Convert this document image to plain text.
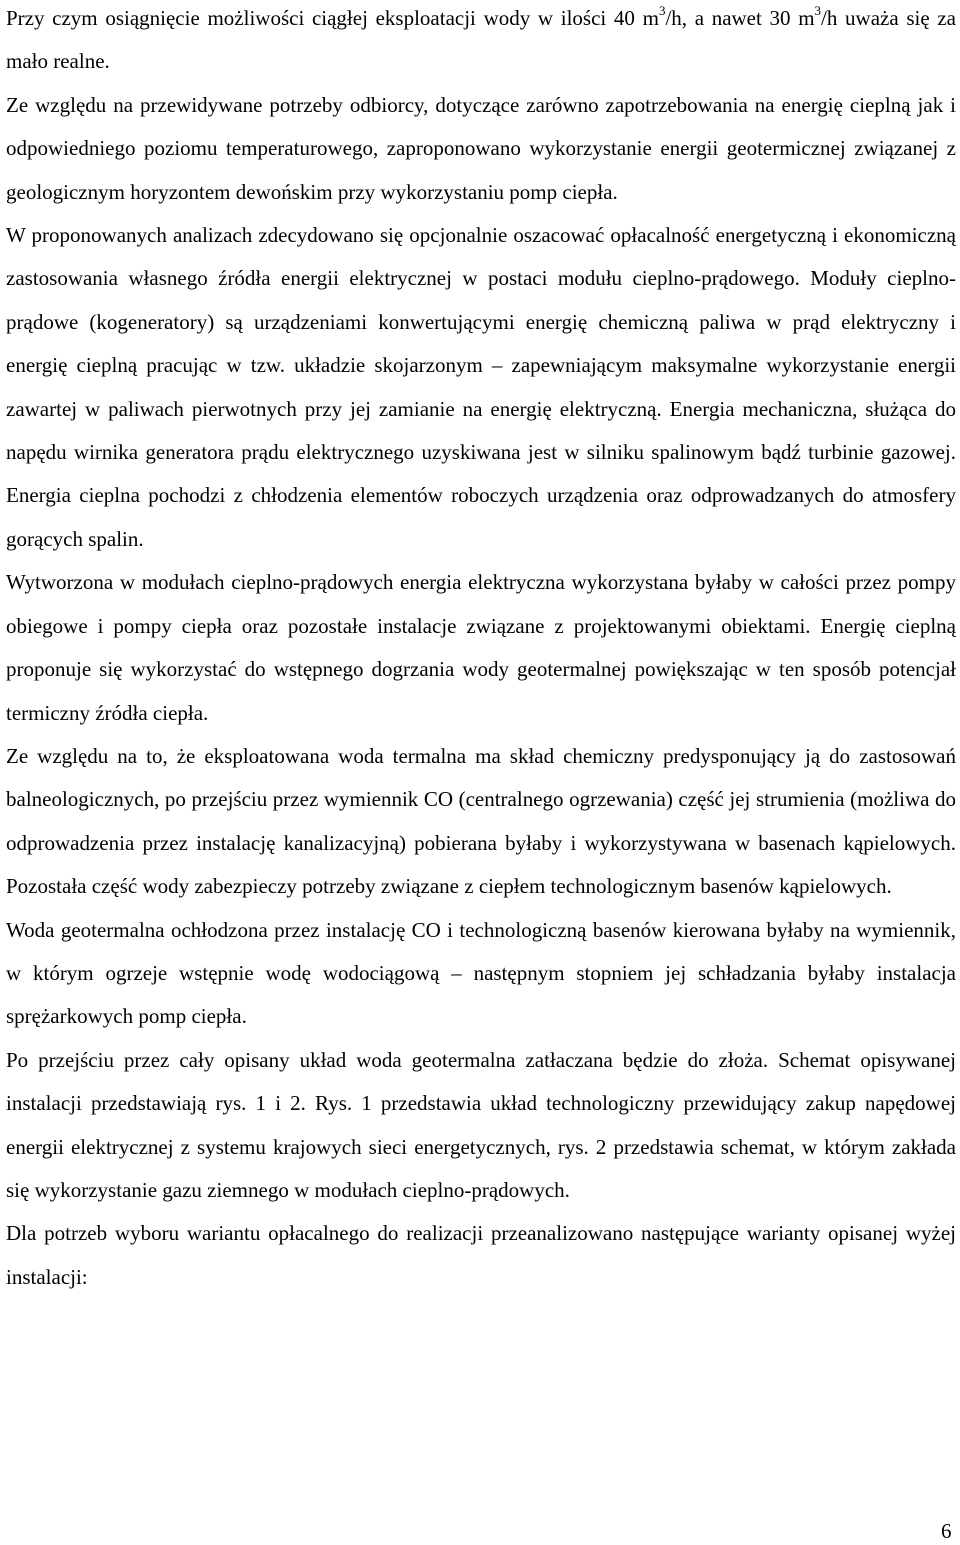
Przy czym osiągnięcie możliwości ciągłej eksploatacji wody w ilości 40 $m^3/h$, a nawet 30 $m^3/h$ uważa się za mało realne.

Ze względu na przewidywane potrzeby odbiorcy, dotyczące zarówno zapotrzebowania na energię cieplną jak i odpowiedniego poziomu temperaturowego, zaproponowano wykorzystanie energii geotermicznej związanej z geologicznym horyzontem dewońskim przy wykorzystaniu pomp ciepła.

W proponowanych analizach zdecydowano się opcjonalnie oszacować opłacalność energetyczną i ekonomiczną zastosowania własnego źródła energii elektrycznej w postaci modułu cieplno-prądowego. Moduły cieplno-prądowe (kogeneratory) są urządzeniami konwertującymi energię chemiczną paliwa w prąd elektryczny i energię cieplną pracując w tzw. układzie skojarzonym – zapewniającym maksymalne wykorzystanie energii zawartej w paliwach pierwotnych przy jej zamianie na energię elektryczną. Energia mechaniczna, służąca do napędu wirnika generatora prądu elektrycznego uzyskiwana jest w silniku spalinowym bądź turbinie gazowej. Energia cieplna pochodzi z chłodzenia elementów roboczych urządzenia oraz odprowadzanych do atmosfery gorących spalin.

Wytworzona w modułach cieplno-prądowych energia elektryczna wykorzystana byłaby w całości przez pompy obiegowe i pompy ciepła oraz pozostałe instalacje związane z projektowanymi obiektami. Energię cieplną proponuje się wykorzystać do wstępnego dogrzania wody geotermalnej powiększając w ten sposób potencjał termiczny źródła ciepła.

Ze względu na to, że eksploatowana woda termalna ma skład chemiczny predysponujący ją do zastosowań balneologicznych, po przejściu przez wymiennik CO (centralnego ogrzewania) część jej strumienia (możliwa do odprowadzenia przez instalację kanalizacyjną) pobierana byłaby i wykorzystywana w basenach kąpielowych. Pozostała część wody zabezpieczy potrzeby związane z ciepłem technologicznym basenów kąpielowych.

Woda geotermalna ochłodzona przez instalację CO i technologiczną basenów kierowana byłaby na wymiennik, w którym ogrzeje wstępnie wodę wodociągową – następnym stopniem jej schładzania byłaby instalacja sprężarkowych pomp ciepła.

Po przejściu przez cały opisany układ woda geotermalna zatłaczana będzie do złoża. Schemat opisywanej instalacji przedstawiają rys. 1 i 2. Rys. 1 przedstawia układ technologiczny przewidujący zakup napędowej energii elektrycznej z systemu krajowych sieci energetycznych, rys. 2 przedstawia schemat, w którym zakłada się wykorzystanie gazu ziemnego w modułach cieplno-prądowych.

Dla potrzeb wyboru wariantu opłacalnego do realizacji przeanalizowano następujące warianty opisanej wyżej instalacji:

6
